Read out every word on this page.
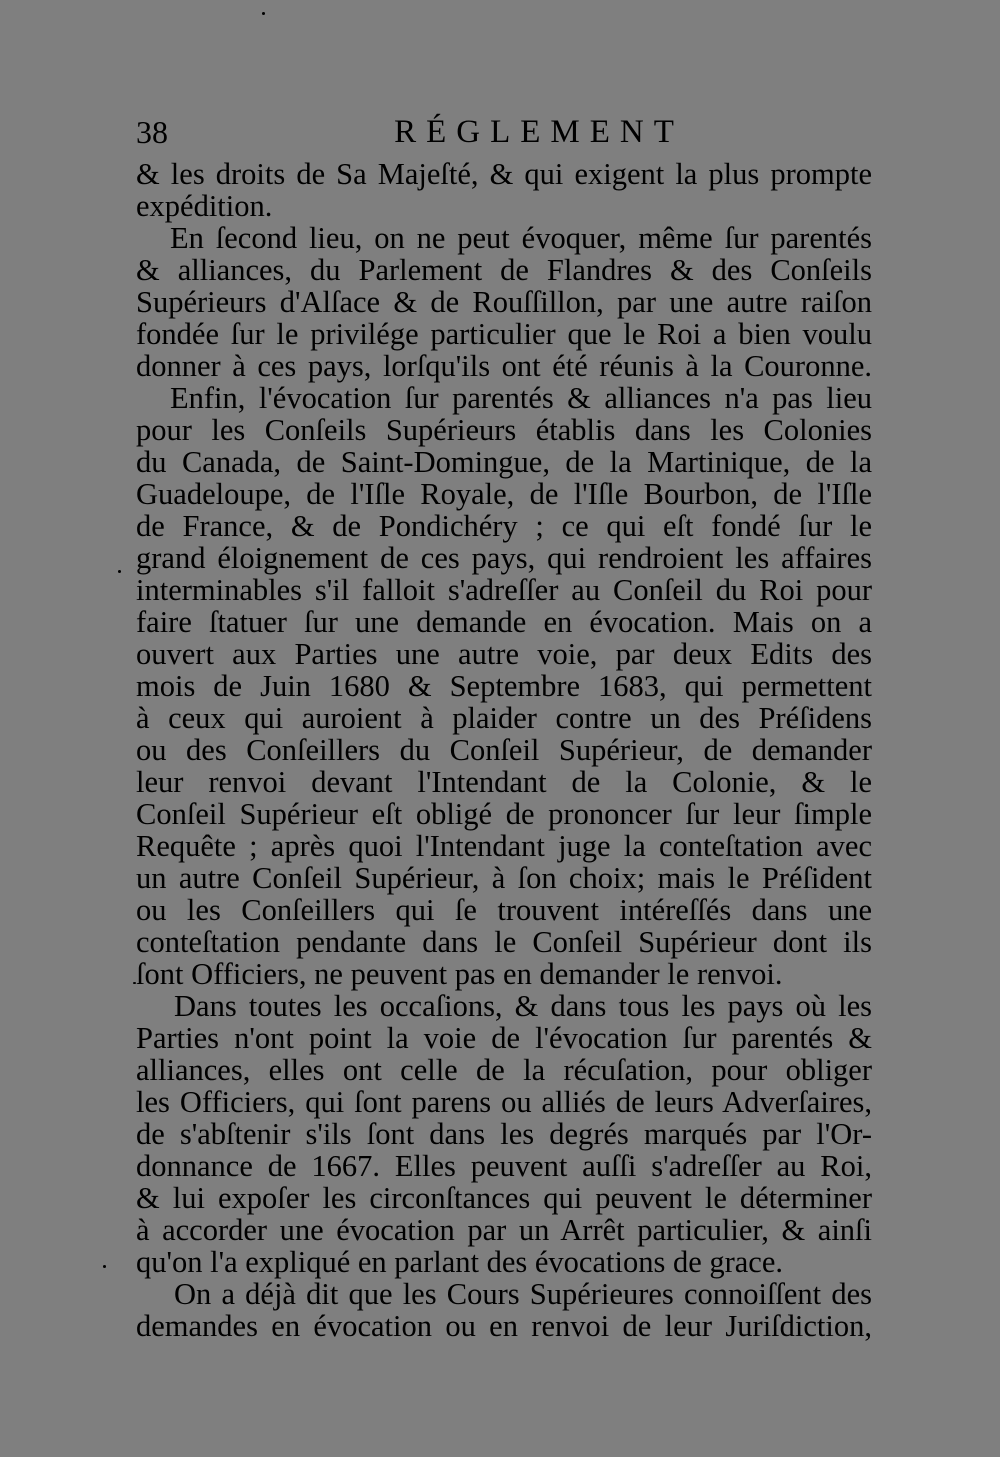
38	RÉGLEMENT
& les droits de Sa Majeſté, & qui exigent la plus prompte
expédition.
En ſecond lieu, on ne peut évoquer, même ſur parentés
& alliances, du Parlement de Flandres & des Conſeils
Supérieurs d'Alſace & de Rouſſillon, par une autre raiſon
fondée ſur le privilége particulier que le Roi a bien voulu
donner à ces pays, lorſqu'ils ont été réunis à la Couronne.
Enfin, l'évocation ſur parentés & alliances n'a pas lieu
pour les Conſeils Supérieurs établis dans les Colonies
du Canada, de Saint-Domingue, de la Martinique, de la
Guadeloupe, de l'Iſle Royale, de l'Iſle Bourbon, de l'Iſle
de France, & de Pondichéry ; ce qui eſt fondé ſur le
grand éloignement de ces pays, qui rendroient les affaires
interminables s'il falloit s'adreſſer au Conſeil du Roi pour
faire ſtatuer ſur une demande en évocation. Mais on a
ouvert aux Parties une autre voie, par deux Edits des
mois de Juin 1680 & Septembre 1683, qui permettent
à ceux qui auroient à plaider contre un des Préſidens
ou des Conſeillers du Conſeil Supérieur, de demander
leur renvoi devant l'Intendant de la Colonie, & le
Conſeil Supérieur eſt obligé de prononcer ſur leur ſimple
Requête ; après quoi l'Intendant juge la conteſtation avec
un autre Conſeil Supérieur, à ſon choix; mais le Préſident
ou les Conſeillers qui ſe trouvent intéreſſés dans une
conteſtation pendante dans le Conſeil Supérieur dont ils
ſont Officiers, ne peuvent pas en demander le renvoi.
Dans toutes les occaſions, & dans tous les pays où les
Parties n'ont point la voie de l'évocation ſur parentés &
alliances, elles ont celle de la récuſation, pour obliger
les Officiers, qui ſont parens ou alliés de leurs Adverſaires,
de s'abſtenir s'ils ſont dans les degrés marqués par l'Or-
donnance de 1667. Elles peuvent auſſi s'adreſſer au Roi,
& lui expoſer les circonſtances qui peuvent le déterminer
à accorder une évocation par un Arrêt particulier, & ainſi
qu'on l'a expliqué en parlant des évocations de grace.
On a déjà dit que les Cours Supérieures connoiſſent des
demandes en évocation ou en renvoi de leur Juriſdiction,
